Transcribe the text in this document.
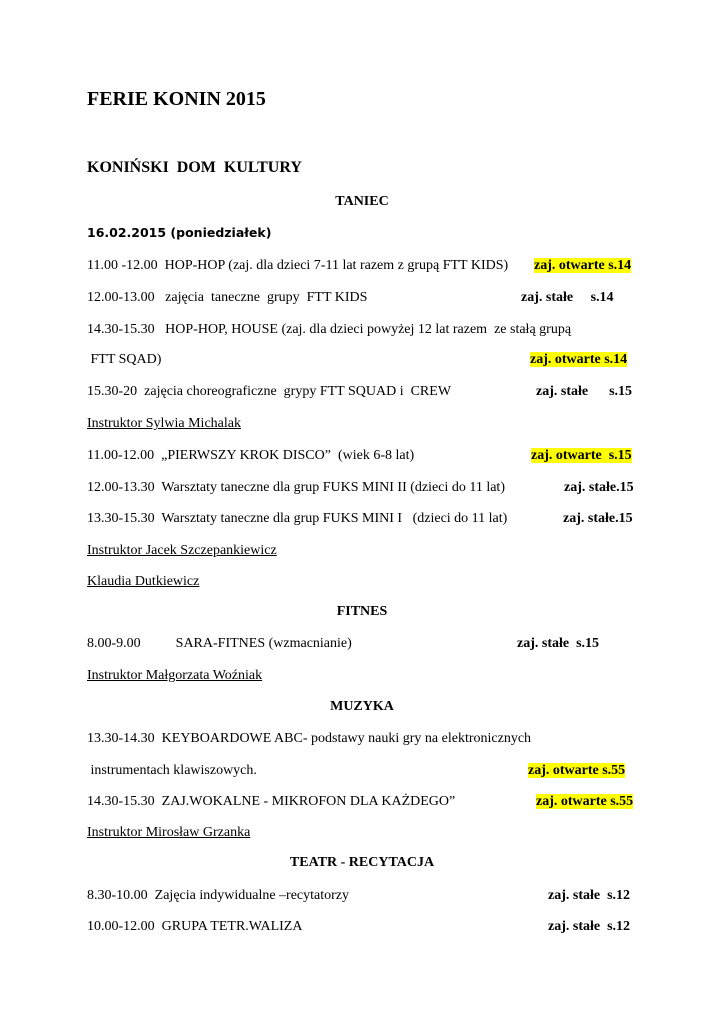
FERIE KONIN 2015
KONIŃSKI  DOM  KULTURY
TANIEC
16.02.2015 (poniedziałek)
11.00 -12.00  HOP-HOP (zaj. dla dzieci 7-11 lat razem z grupą FTT KIDS) zaj. otwarte s.14
12.00-13.00   zajęcia  taneczne  grupy  FTT KIDS	zaj. stałe     s.14
14.30-15.30   HOP-HOP, HOUSE (zaj. dla dzieci powyżej 12 lat razem  ze stałą grupą
FTT SQAD)	zaj. otwarte s.14
15.30-20  zajęcia choreograficzne  grypy FTT SQUAD i  CREW	zaj. stałe      s.15
Instruktor Sylwia Michalak
11.00-12.00  „PIERWSZY KROK DISCO”  (wiek 6-8 lat)	zaj. otwarte  s.15
12.00-13.30  Warsztaty taneczne dla grup FUKS MINI II (dzieci do 11 lat)	zaj. stałe.15
13.30-15.30  Warsztaty taneczne dla grup FUKS MINI I   (dzieci do 11 lat)	zaj. stałe.15
Instruktor Jacek Szczepankiewicz
Klaudia Dutkiewicz
FITNES
8.00-9.00          SARA-FITNES (wzmacnianie)	zaj. stałe  s.15
Instruktor Małgorzata Woźniak
MUZYKA
13.30-14.30  KEYBOARDOWE ABC- podstawy nauki gry na elektronicznych
instrumentach klawiszowych.	zaj. otwarte s.55
14.30-15.30  ZAJ.WOKALNE - MIKROFON DLA KAŻDEGO”	zaj. otwarte s.55
Instruktor Mirosław Grzanka
TEATR - RECYTACJA
8.30-10.00  Zajęcia indywidualne –recytatorzy	zaj. stałe  s.12
10.00-12.00  GRUPA TETR.WALIZA	zaj. stałe  s.12
